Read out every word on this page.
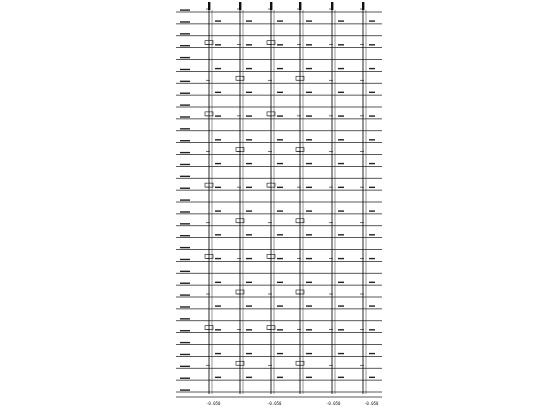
-0.050	-0.050	-0.050	-0.050
